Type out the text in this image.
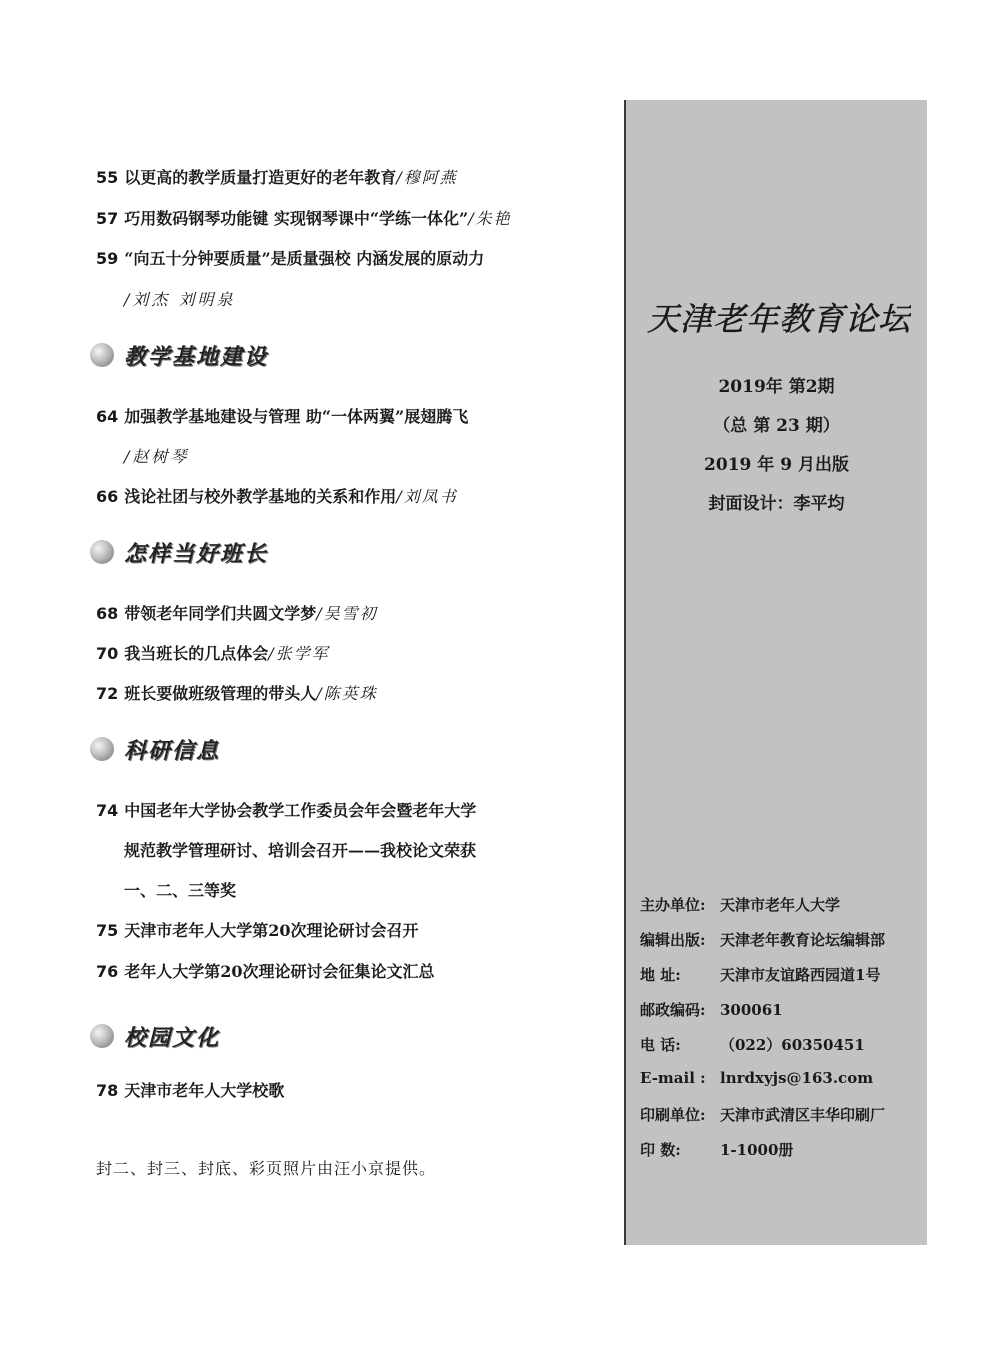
55 以更高的教学质量打造更好的老年教育/穆阿燕
57 巧用数码钢琴功能键 实现钢琴课中“学练一体化”/朱艳
59 “向五十分钟要质量”是质量强校 内涵发展的原动力
/刘杰 刘明泉
教学基地建设
64 加强教学基地建设与管理 助“一体两翼”展翅腾飞
/赵树琴
66 浅论社团与校外教学基地的关系和作用/刘凤书
怎样当好班长
68 带领老年同学们共圆文学梦/吴雪初
70 我当班长的几点体会/张学军
72 班长要做班级管理的带头人/陈英珠
科研信息
74 中国老年大学协会教学工作委员会年会暨老年大学
规范教学管理研讨、培训会召开——我校论文荣获
一、二、三等奖
75 天津市老年人大学第20次理论研讨会召开
76 老年人大学第20次理论研讨会征集论文汇总
校园文化
78 天津市老年人大学校歌
封二、封三、封底、彩页照片由汪小京提供。
天津老年教育论坛
2019年 第2期
（总 第 23 期）
2019 年 9 月出版
封面设计：李平均
主办单位: 天津市老年人大学
编辑出版: 天津老年教育论坛编辑部
地 址:	天津市友谊路西园道1号
邮政编码: 300061
电 话:	（022）60350451
E-mail : lnrdxyjs@163.com
印刷单位: 天津市武清区丰华印刷厂
印 数:	1-1000册
